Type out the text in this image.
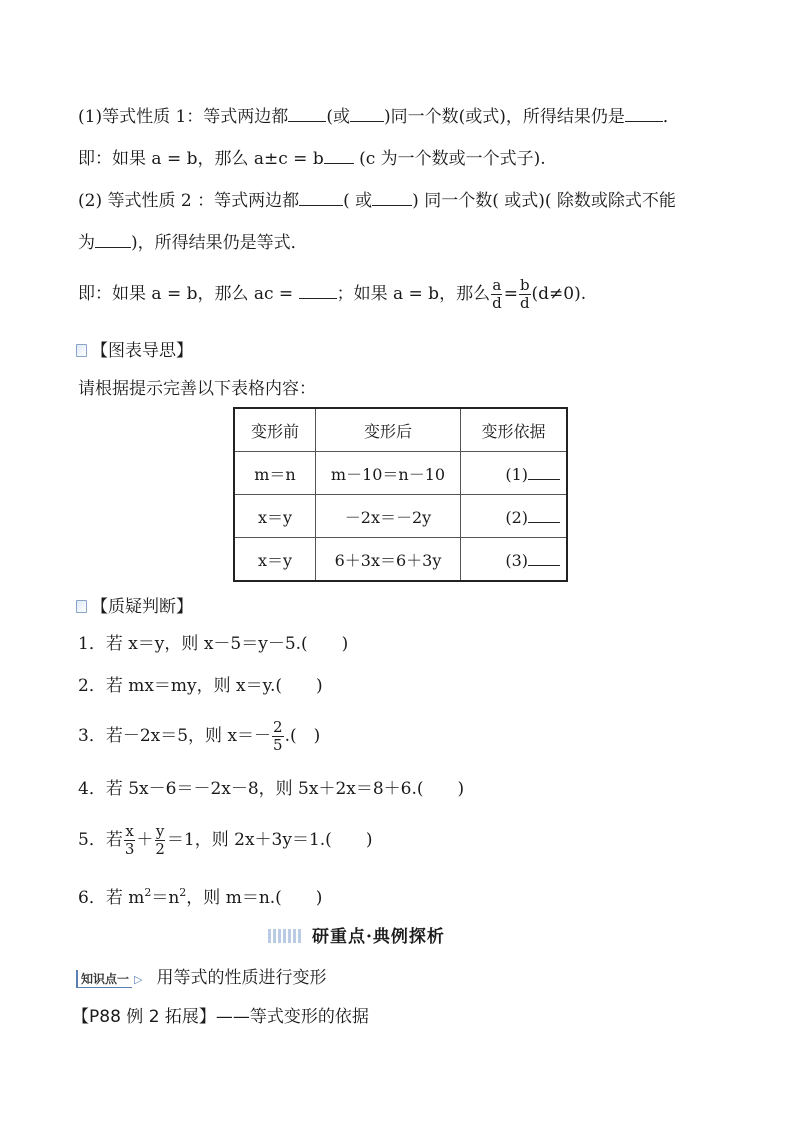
(1)等式性质 1：等式两边都 (或 )同一个数(或式)，所得结果仍是 ．
即：如果 a = b，那么 a±c = b (c 为一个数或一个式子).
(2) 等式性质 2 ：等式两边都	( 或 ) 同一个数( 或式)( 除数或除式不能
为 )，所得结果仍是等式．
即：如果 a = b，那么 ac = ；如果 a = b，那么 $\frac{a}{d} = \frac{b}{d} (d\ne 0)$.
【图表导思】
请根据提示完善以下表格内容：
变形前	变形后	变形依据
m＝n	m－10＝n－10	(1)
x＝y	－2x＝－2y	(2)
x＝y	6＋3x＝6＋3y	(3)
【质疑判断】
1．若 x＝y，则 x－5＝y－5.(　　)
2．若 mx＝my，则 x＝y.(　　)
3．若－2x＝5，则 $x=- \frac{2}{5}$ .(　)
4．若 5x－6＝－2x－8，则 5x＋2x＝8＋6.(　　)
5．若 $\frac{x}{3} + \frac{y}{2} =1$，则 2x＋3y＝1.(　　)
6．若 $m^2=n^2$，则 m＝n.(　　)
研重点·典例探析
知识点一 ▷ 用等式的性质进行变形
【P88 例 2 拓展】——等式变形的依据
